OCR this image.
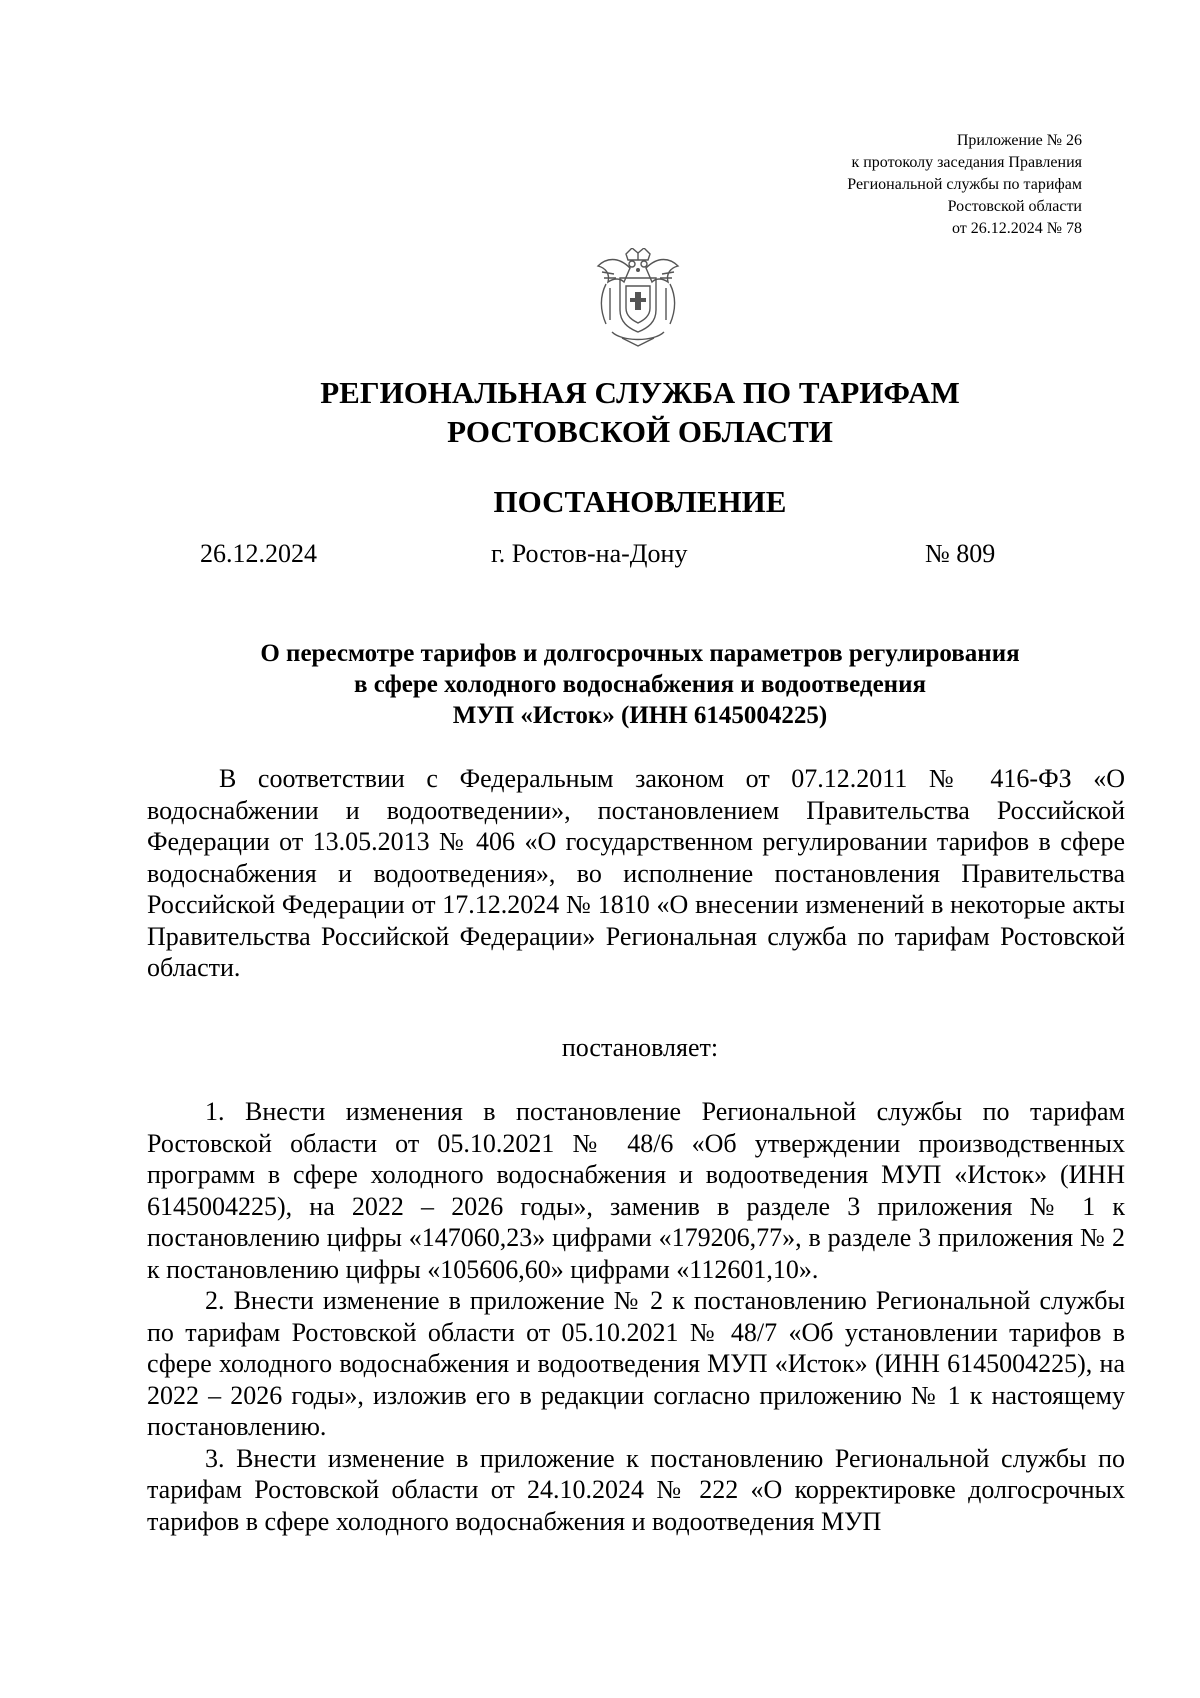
Приложение № 26
к протоколу заседания Правления
Региональной службы по тарифам
Ростовской области
от 26.12.2024 № 78
РЕГИОНАЛЬНАЯ СЛУЖБА ПО ТАРИФАМ
РОСТОВСКОЙ ОБЛАСТИ
ПОСТАНОВЛЕНИЕ
26.12.2024	г. Ростов-на-Дону	№ 809
О пересмотре тарифов и долгосрочных параметров регулирования
в сфере холодного водоснабжения и водоотведения
МУП «Исток» (ИНН 6145004225)

В соответствии с Федеральным законом от 07.12.2011 № 416-ФЗ «О водоснабжении и водоотведении», постановлением Правительства Российской Федерации от 13.05.2013 № 406 «О государственном регулировании тарифов в сфере водоснабжения и водоотведения», во исполнение постановления Правительства Российской Федерации от 17.12.2024 № 1810 «О внесении изменений в некоторые акты Правительства Российской Федерации» Региональная служба по тарифам Ростовской области.

постановляет:

1. Внести изменения в постановление Региональной службы по тарифам Ростовской области от 05.10.2021 № 48/6 «Об утверждении производственных программ в сфере холодного водоснабжения и водоотведения МУП «Исток» (ИНН 6145004225), на 2022 – 2026 годы», заменив в разделе 3 приложения № 1 к постановлению цифры «147060,23» цифрами «179206,77», в разделе 3 приложения № 2 к постановлению цифры «105606,60» цифрами «112601,10».

2. Внести изменение в приложение № 2 к постановлению Региональной службы по тарифам Ростовской области от 05.10.2021 № 48/7 «Об установлении тарифов в сфере холодного водоснабжения и водоотведения МУП «Исток» (ИНН 6145004225), на 2022 – 2026 годы», изложив его в редакции согласно приложению № 1 к настоящему постановлению.

3. Внести изменение в приложение к постановлению Региональной службы по тарифам Ростовской области от 24.10.2024 № 222 «О корректировке долгосрочных тарифов в сфере холодного водоснабжения и водоотведения МУП
